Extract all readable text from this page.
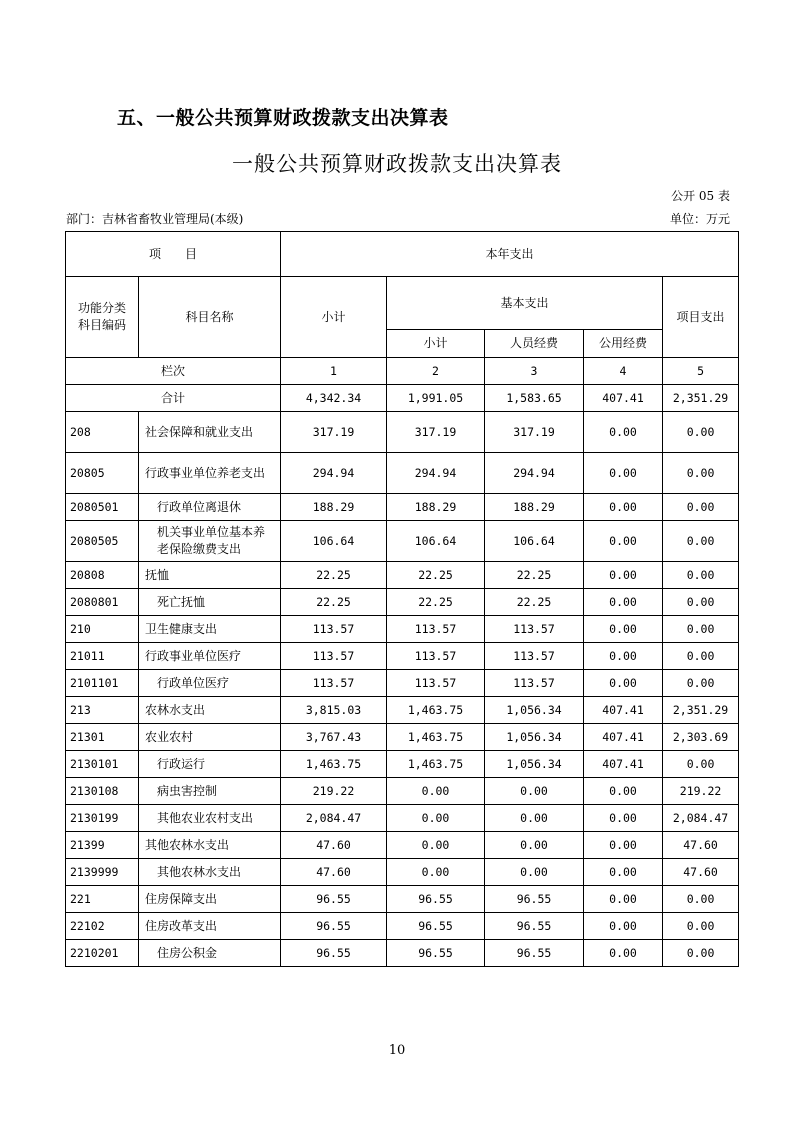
五、一般公共预算财政拨款支出决算表
一般公共预算财政拨款支出决算表
公开 05 表
部门：吉林省畜牧业管理局(本级)	单位：万元
项　　目		本年支出				
功能分类
科目编码	科目名称	小计	基本支出			项目支出
			小计	人员经费	公用经费	
栏次		1	2	3	4	5
合计		4,342.34	1,991.05	1,583.65	407.41	2,351.29
208	社会保障和就业支出	317.19	317.19	317.19	0.00	0.00
20805	行政事业单位养老支出	294.94	294.94	294.94	0.00	0.00
2080501	行政单位离退休	188.29	188.29	188.29	0.00	0.00
2080505	机关事业单位基本养老保险缴费支出	106.64	106.64	106.64	0.00	0.00
20808	抚恤	22.25	22.25	22.25	0.00	0.00
2080801	死亡抚恤	22.25	22.25	22.25	0.00	0.00
210	卫生健康支出	113.57	113.57	113.57	0.00	0.00
21011	行政事业单位医疗	113.57	113.57	113.57	0.00	0.00
2101101	行政单位医疗	113.57	113.57	113.57	0.00	0.00
213	农林水支出	3,815.03	1,463.75	1,056.34	407.41	2,351.29
21301	农业农村	3,767.43	1,463.75	1,056.34	407.41	2,303.69
2130101	行政运行	1,463.75	1,463.75	1,056.34	407.41	0.00
2130108	病虫害控制	219.22	0.00	0.00	0.00	219.22
2130199	其他农业农村支出	2,084.47	0.00	0.00	0.00	2,084.47
21399	其他农林水支出	47.60	0.00	0.00	0.00	47.60
2139999	其他农林水支出	47.60	0.00	0.00	0.00	47.60
221	住房保障支出	96.55	96.55	96.55	0.00	0.00
22102	住房改革支出	96.55	96.55	96.55	0.00	0.00
2210201	住房公积金	96.55	96.55	96.55	0.00	0.00
10
